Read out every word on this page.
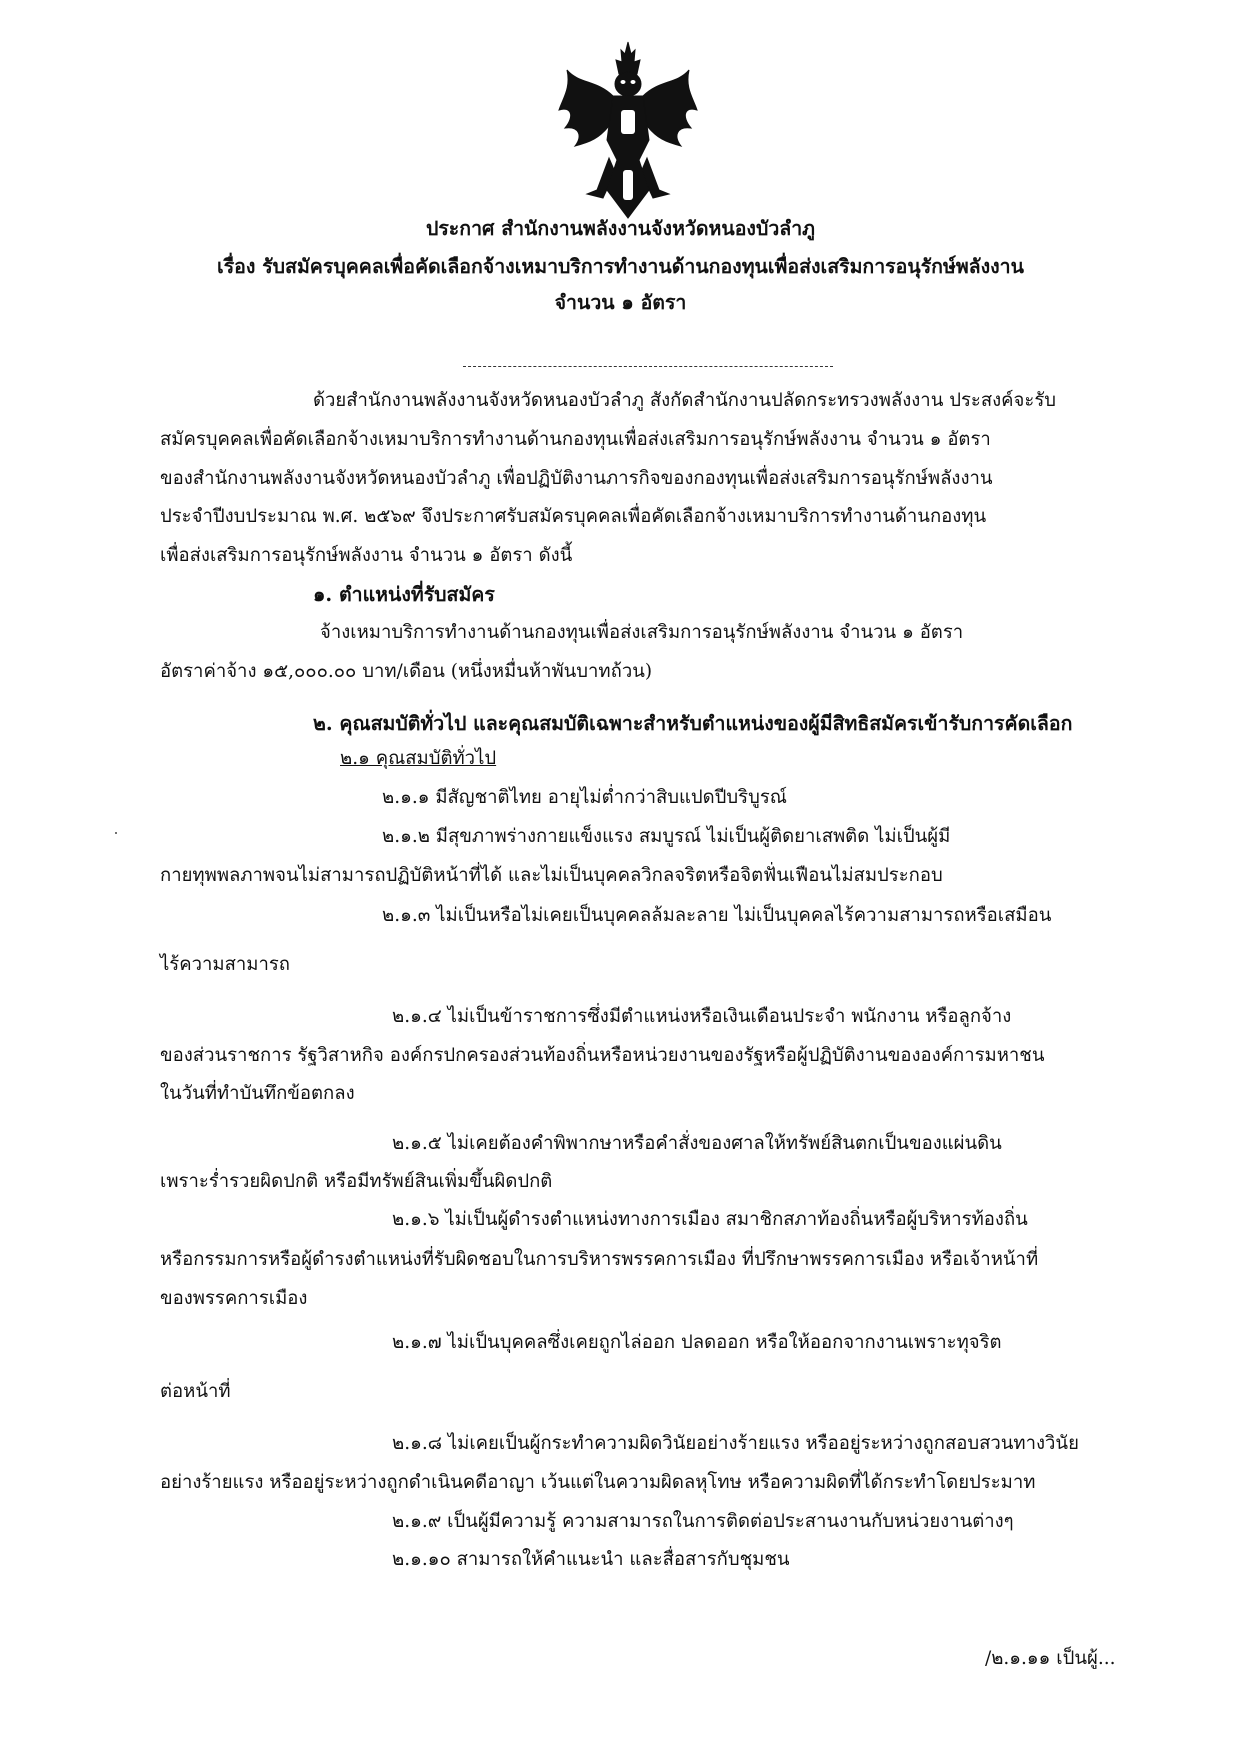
ประกาศ สำนักงานพลังงานจังหวัดหนองบัวลำภู
เรื่อง รับสมัครบุคคลเพื่อคัดเลือกจ้างเหมาบริการทำงานด้านกองทุนเพื่อส่งเสริมการอนุรักษ์พลังงาน
จำนวน ๑ อัตรา
ด้วยสำนักงานพลังงานจังหวัดหนองบัวลำภู สังกัดสำนักงานปลัดกระทรวงพลังงาน ประสงค์จะรับ
สมัครบุคคลเพื่อคัดเลือกจ้างเหมาบริการทำงานด้านกองทุนเพื่อส่งเสริมการอนุรักษ์พลังงาน จำนวน ๑ อัตรา
ของสำนักงานพลังงานจังหวัดหนองบัวลำภู เพื่อปฏิบัติงานภารกิจของกองทุนเพื่อส่งเสริมการอนุรักษ์พลังงาน
ประจำปีงบประมาณ พ.ศ. ๒๕๖๙ จึงประกาศรับสมัครบุคคลเพื่อคัดเลือกจ้างเหมาบริการทำงานด้านกองทุน
เพื่อส่งเสริมการอนุรักษ์พลังงาน จำนวน ๑ อัตรา ดังนี้
๑. ตำแหน่งที่รับสมัคร
จ้างเหมาบริการทำงานด้านกองทุนเพื่อส่งเสริมการอนุรักษ์พลังงาน จำนวน ๑ อัตรา
อัตราค่าจ้าง ๑๕,๐๐๐.๐๐ บาท/เดือน (หนึ่งหมื่นห้าพันบาทถ้วน)
๒. คุณสมบัติทั่วไป และคุณสมบัติเฉพาะสำหรับตำแหน่งของผู้มีสิทธิสมัครเข้ารับการคัดเลือก
๒.๑ คุณสมบัติทั่วไป
๒.๑.๑ มีสัญชาติไทย อายุไม่ต่ำกว่าสิบแปดปีบริบูรณ์
๒.๑.๒ มีสุขภาพร่างกายแข็งแรง สมบูรณ์ ไม่เป็นผู้ติดยาเสพติด ไม่เป็นผู้มี
กายทุพพลภาพจนไม่สามารถปฏิบัติหน้าที่ได้ และไม่เป็นบุคคลวิกลจริตหรือจิตฟั่นเฟือนไม่สมประกอบ
๒.๑.๓ ไม่เป็นหรือไม่เคยเป็นบุคคลล้มละลาย ไม่เป็นบุคคลไร้ความสามารถหรือเสมือน
ไร้ความสามารถ
๒.๑.๔ ไม่เป็นข้าราชการซึ่งมีตำแหน่งหรือเงินเดือนประจำ พนักงาน หรือลูกจ้าง
ของส่วนราชการ รัฐวิสาหกิจ องค์กรปกครองส่วนท้องถิ่นหรือหน่วยงานของรัฐหรือผู้ปฏิบัติงานขององค์การมหาชน
ในวันที่ทำบันทึกข้อตกลง
๒.๑.๕ ไม่เคยต้องคำพิพากษาหรือคำสั่งของศาลให้ทรัพย์สินตกเป็นของแผ่นดิน
เพราะร่ำรวยผิดปกติ หรือมีทรัพย์สินเพิ่มขึ้นผิดปกติ
๒.๑.๖ ไม่เป็นผู้ดำรงตำแหน่งทางการเมือง สมาชิกสภาท้องถิ่นหรือผู้บริหารท้องถิ่น
หรือกรรมการหรือผู้ดำรงตำแหน่งที่รับผิดชอบในการบริหารพรรคการเมือง ที่ปรึกษาพรรคการเมือง หรือเจ้าหน้าที่
ของพรรคการเมือง
๒.๑.๗ ไม่เป็นบุคคลซึ่งเคยถูกไล่ออก ปลดออก หรือให้ออกจากงานเพราะทุจริต
ต่อหน้าที่
๒.๑.๘ ไม่เคยเป็นผู้กระทำความผิดวินัยอย่างร้ายแรง หรืออยู่ระหว่างถูกสอบสวนทางวินัย
อย่างร้ายแรง หรืออยู่ระหว่างถูกดำเนินคดีอาญา เว้นแต่ในความผิดลหุโทษ หรือความผิดที่ได้กระทำโดยประมาท
๒.๑.๙ เป็นผู้มีความรู้ ความสามารถในการติดต่อประสานงานกับหน่วยงานต่างๆ
๒.๑.๑๐ สามารถให้คำแนะนำ และสื่อสารกับชุมชน
/๒.๑.๑๑ เป็นผู้...
